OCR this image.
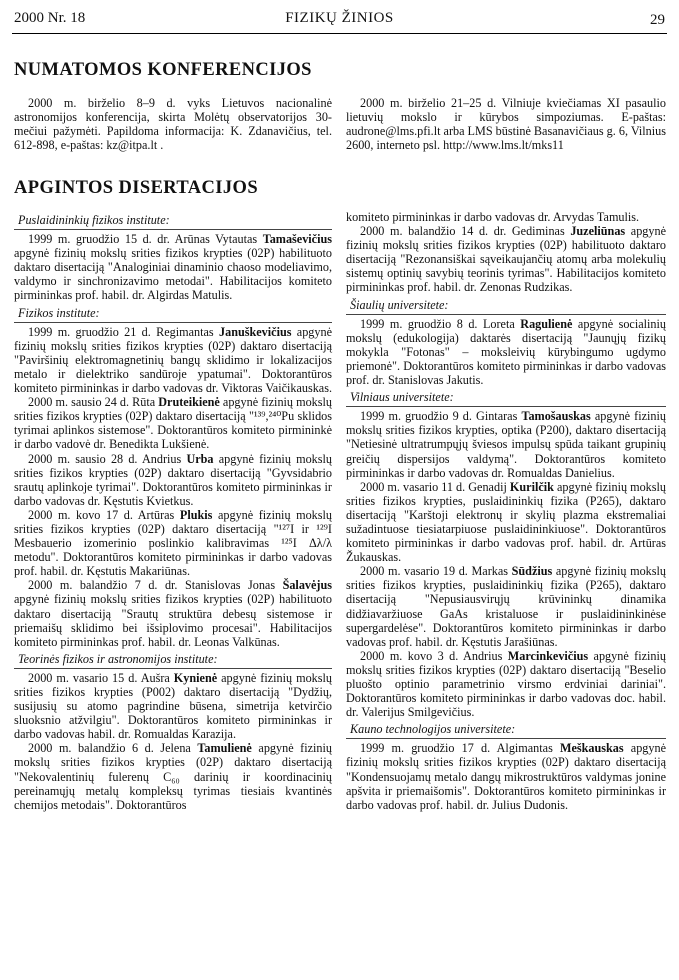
2000 Nr. 18	FIZIKŲ ŽINIOS	29
NUMATOMOS KONFERENCIJOS

2000 m. birželio 8–9 d. vyks Lietuvos nacionalinė astronomijos konferencija, skirta Molėtų observatorijos 30-mečiui pažymėti. Papildoma informacija: K. Zdanavičius, tel. 612-898, e-paštas: kz@itpa.lt .

2000 m. birželio 21–25 d. Vilniuje kviečiamas XI pasaulio lietuvių mokslo ir kūrybos simpoziumas. E-paštas: audrone@lms.pfi.lt arba LMS būstinė Basanavičiaus g. 6, Vilnius 2600, interneto psl. http://www.lms.lt/mks11

APGINTOS DISERTACIJOS
Puslaidininkių fizikos institute:

1999 m. gruodžio 15 d. dr. Arūnas Vytautas Tamaševičius apgynė fizinių mokslų srities fizikos krypties (02P) habilituoto daktaro disertaciją "Analoginiai dinaminio chaoso modeliavimo, valdymo ir sinchronizavimo metodai". Habilitacijos komiteto pirmininkas prof. habil. dr. Algirdas Matulis.

Fizikos institute:

1999 m. gruodžio 21 d. Regimantas Januškevičius apgynė fizinių mokslų srities fizikos krypties (02P) daktaro disertaciją "Paviršinių elektromagnetinių bangų sklidimo ir lokalizacijos metalo ir dielektriko sandūroje ypatumai". Doktorantūros komiteto pirmininkas ir darbo vadovas dr. Viktoras Vaičikauskas.

2000 m. sausio 24 d. Rūta Druteikienė apgynė fizinių mokslų srities fizikos krypties (02P) daktaro disertaciją "¹³⁹,²⁴⁰Pu sklidos tyrimai aplinkos sistemose". Doktorantūros komiteto pirmininkė ir darbo vadovė dr. Benedikta Lukšienė.

2000 m. sausio 28 d. Andrius Urba apgynė fizinių mokslų srities fizikos krypties (02P) daktaro disertaciją "Gyvsidabrio srautų aplinkoje tyrimai". Doktorantūros komiteto pirmininkas ir darbo vadovas dr. Kęstutis Kvietkus.

2000 m. kovo 17 d. Artūras Plukis apgynė fizinių mokslų srities fizikos krypties (02P) daktaro disertaciją "¹²⁷I ir ¹²⁹I Mesbauerio izomerinio poslinkio kalibravimas ¹²⁵I Δλ/λ metodu". Doktorantūros komiteto pirmininkas ir darbo vadovas prof. habil. dr. Kęstutis Makariūnas.

2000 m. balandžio 7 d. dr. Stanislovas Jonas Šalavėjus apgynė fizinių mokslų srities fizikos krypties (02P) habilituoto daktaro disertaciją "Srautų struktūra debesų sistemose ir priemaišų sklidimo bei išsiplovimo procesai". Habilitacijos komiteto pirmininkas prof. habil. dr. Leonas Valkūnas.

Teorinės fizikos ir astronomijos institute:

2000 m. vasario 15 d. Aušra Kynienė apgynė fizinių mokslų srities fizikos krypties (P002) daktaro disertaciją "Dydžių, susijusių su atomo pagrindine būsena, simetrija ketvirčio sluoksnio atžvilgiu". Doktorantūros komiteto pirmininkas ir darbo vadovas habil. dr. Romualdas Karazija.

2000 m. balandžio 6 d. Jelena Tamulienė apgynė fizinių mokslų srities fizikos krypties (02P) daktaro disertaciją "Nekovalentinių fulerenų C₆₀ darinių ir koordinacinių pereinamųjų metalų kompleksų tyrimas tiesiais kvantinės chemijos metodais". Doktorantūros

komiteto pirmininkas ir darbo vadovas dr. Arvydas Tamulis.

2000 m. balandžio 14 d. dr. Gediminas Juzeliūnas apgynė fizinių mokslų srities fizikos krypties (02P) habilituoto daktaro disertaciją "Rezonansiškai sąveikaujančių atomų arba molekulių sistemų optinių savybių teorinis tyrimas". Habilitacijos komiteto pirmininkas prof. habil. dr. Zenonas Rudzikas.

Šiaulių universitete:

1999 m. gruodžio 8 d. Loreta Ragulienė apgynė socialinių mokslų (edukologija) daktarės disertaciją "Jaunųjų fizikų mokykla "Fotonas" – moksleivių kūrybingumo ugdymo priemonė". Doktorantūros komiteto pirmininkas ir darbo vadovas prof. dr. Stanislovas Jakutis.

Vilniaus universitete:

1999 m. gruodžio 9 d. Gintaras Tamošauskas apgynė fizinių mokslų srities fizikos krypties, optika (P200), daktaro disertaciją "Netiesinė ultratrumpųjų šviesos impulsų spūda taikant grupinių greičių dispersijos valdymą". Doktorantūros komiteto pirmininkas ir darbo vadovas dr. Romualdas Danielius.

2000 m. vasario 11 d. Genadij Kurilčik apgynė fizinių mokslų srities fizikos krypties, puslaidininkių fizika (P265), daktaro disertaciją "Karštoji elektronų ir skylių plazma ekstremaliai sužadintuose tiesiatarpiuose puslaidininkiuose". Doktorantūros komiteto pirmininkas ir darbo vadovas prof. habil. dr. Artūras Žukauskas.

2000 m. vasario 19 d. Markas Sūdžius apgynė fizinių mokslų srities fizikos krypties, puslaidininkių fizika (P265), daktaro disertaciją "Nepusiausvirųjų krūvininkų dinamika didžiavaržiuose GaAs kristaluose ir puslaidininkinėse supergardelėse". Doktorantūros komiteto pirmininkas ir darbo vadovas prof. habil. dr. Kęstutis Jarašiūnas.

2000 m. kovo 3 d. Andrius Marcinkevičius apgynė fizinių mokslų srities fizikos krypties (02P) daktaro disertaciją "Beselio pluošto optinio parametrinio virsmo erdviniai dariniai". Doktorantūros komiteto pirmininkas ir darbo vadovas doc. habil. dr. Valerijus Smilgevičius.

Kauno technologijos universitete:

1999 m. gruodžio 17 d. Algimantas Meškauskas apgynė fizinių mokslų srities fizikos krypties (02P) daktaro disertaciją "Kondensuojamų metalo dangų mikrostruktūros valdymas jonine apšvita ir priemaišomis". Doktorantūros komiteto pirmininkas ir darbo vadovas prof. habil. dr. Julius Dudonis.
